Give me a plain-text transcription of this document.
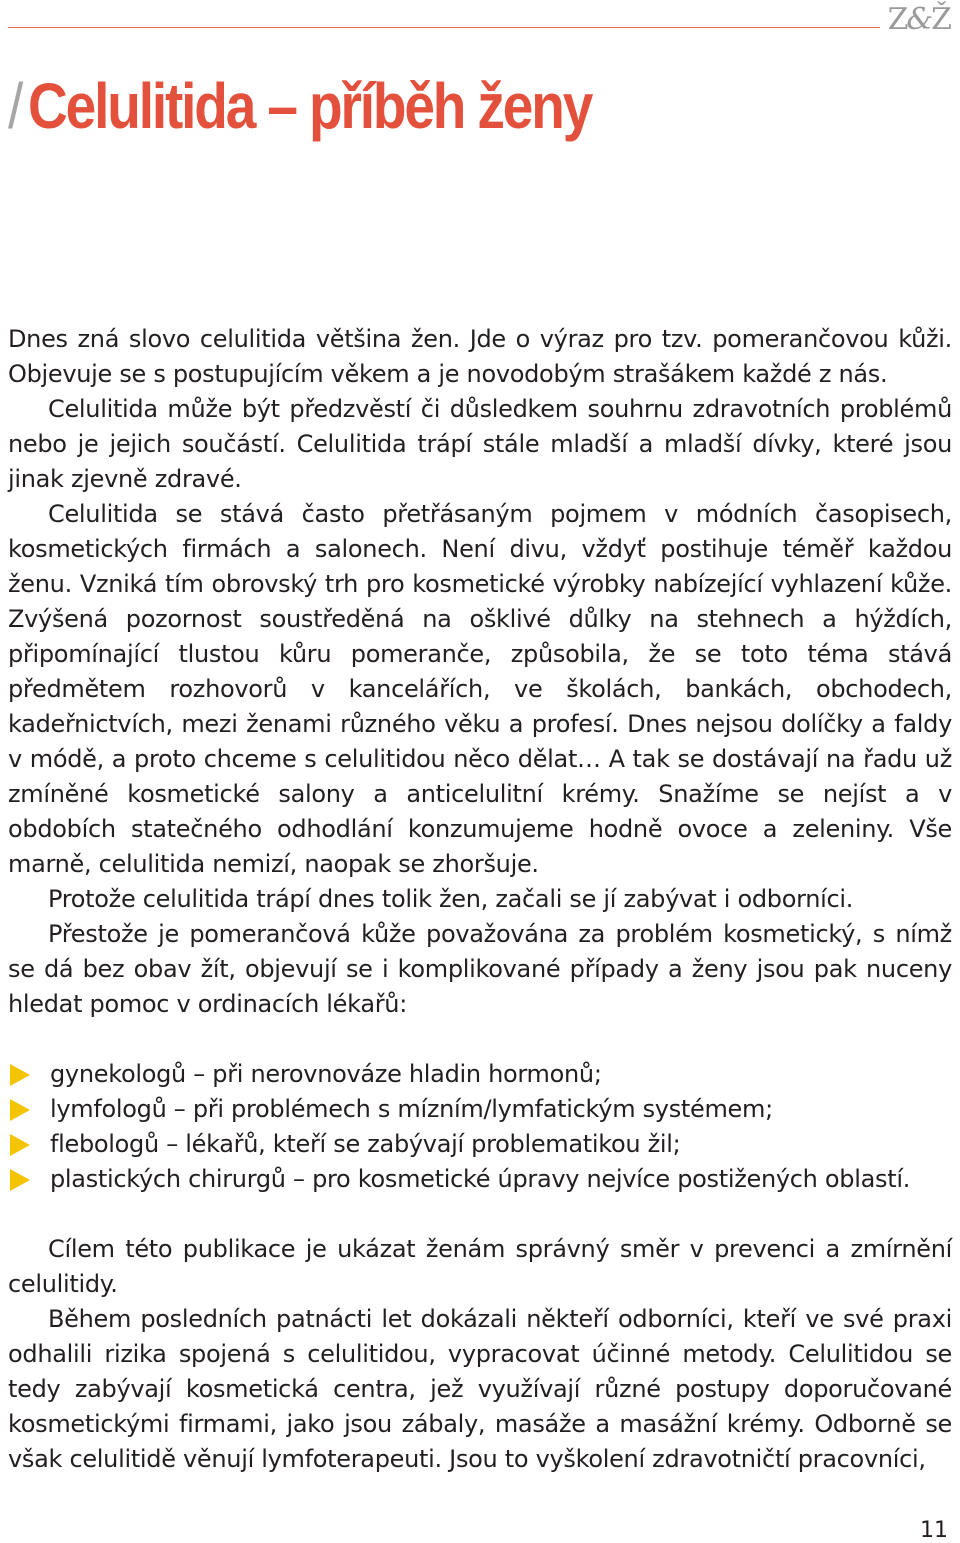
Z&Ž
/ Celulitida – příběh ženy

Dnes zná slovo celulitida většina žen. Jde o výraz pro tzv. pomerančovou kůži. Objevuje se s postupujícím věkem a je novodobým strašákem každé z nás.

Celulitida může být předzvěstí či důsledkem souhrnu zdravotních problémů nebo je jejich součástí. Celulitida trápí stále mladší a mladší dívky, které jsou jinak zjevně zdravé.

Celulitida se stává často přetřásaným pojmem v módních časopisech, kosmetických firmách a salonech. Není divu, vždyť postihuje téměř každou ženu. Vzniká tím obrovský trh pro kosmetické výrobky nabízející vyhlazení kůže. Zvýšená pozornost soustředěná na ošklivé důlky na stehnech a hýždích, připomínající tlustou kůru pomeranče, způsobila, že se toto téma stává předmětem rozhovorů v kancelářích, ve školách, bankách, obchodech, kadeřnictvích, mezi ženami různého věku a profesí. Dnes nejsou dolíčky a faldy v módě, a proto chceme s celulitidou něco dělat… A tak se dostávají na řadu už zmíněné kosmetické salony a anticelulitní krémy. Snažíme se nejíst a v obdobích statečného odhodlání konzumujeme hodně ovoce a zeleniny. Vše marně, celulitida nemizí, naopak se zhoršuje.

Protože celulitida trápí dnes tolik žen, začali se jí zabývat i odborníci.

Přestože je pomerančová kůže považována za problém kosmetický, s nímž se dá bez obav žít, objevují se i komplikované případy a ženy jsou pak nuceny hledat pomoc v ordinacích lékařů:

gynekologů – při nerovnováze hladin hormonů;
lymfologů – při problémech s mízním/lymfatickým systémem;
flebologů – lékařů, kteří se zabývají problematikou žil;
plastických chirurgů – pro kosmetické úpravy nejvíce postižených oblastí.

Cílem této publikace je ukázat ženám správný směr v prevenci a zmírnění celulitidy.

Během posledních patnácti let dokázali někteří odborníci, kteří ve své praxi odhalili rizika spojená s celulitidou, vypracovat účinné metody. Celulitidou se tedy zabývají kosmetická centra, jež využívají různé postupy doporučované kosmetickými firmami, jako jsou zábaly, masáže a masážní krémy. Odborně se však celulitidě věnují lymfoterapeuti. Jsou to vyškolení zdravotničtí pracovníci,

11
